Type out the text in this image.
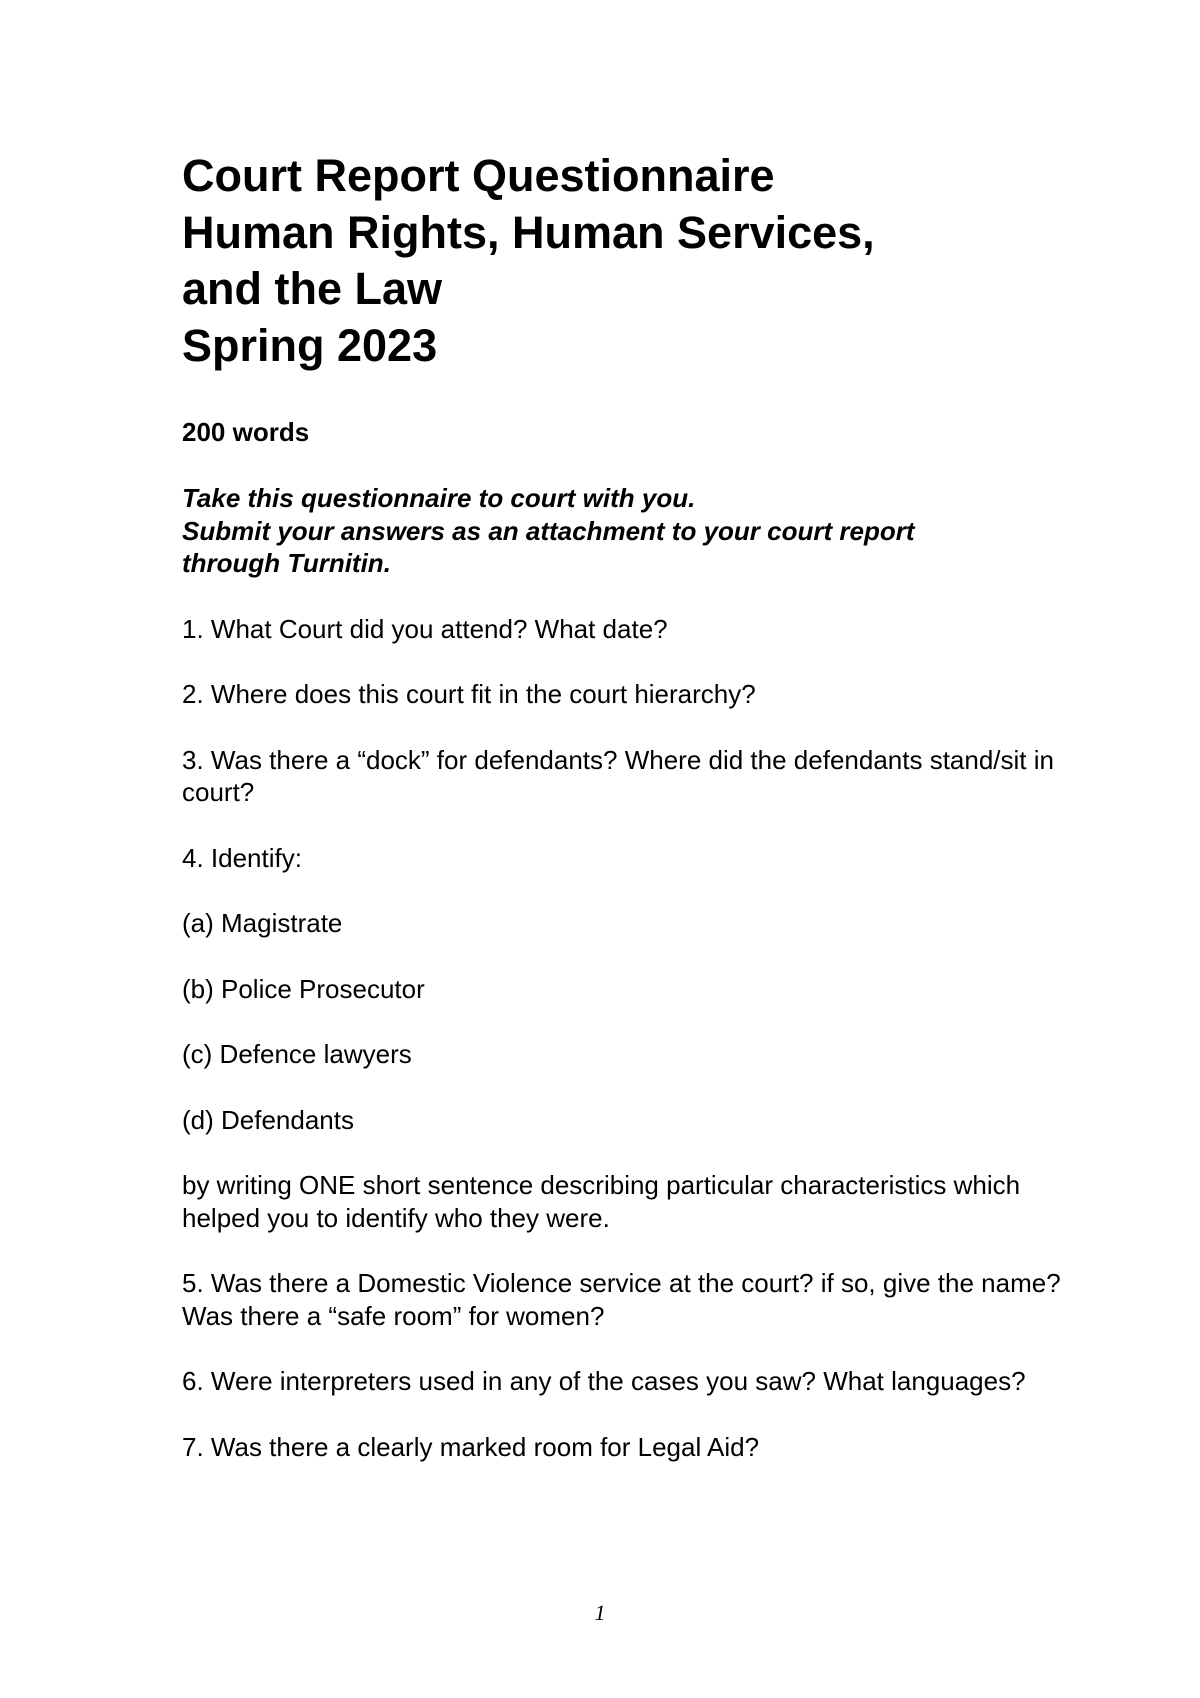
Court Report Questionnaire
Human Rights, Human Services,
and the Law
Spring 2023
200 words
Take this questionnaire to court with you.
Submit your answers as an attachment to your court report
through Turnitin.
1. What Court did you attend? What date?
2. Where does this court fit in the court hierarchy?
3. Was there a “dock” for defendants? Where did the defendants stand/sit in court?
4. Identify:
(a) Magistrate
(b) Police Prosecutor
(c) Defence lawyers
(d) Defendants
by writing ONE short sentence describing particular characteristics which helped you to identify who they were.
5. Was there a Domestic Violence service at the court? if so, give the name? Was there a “safe room” for women?
6. Were interpreters used in any of the cases you saw? What languages?
7. Was there a clearly marked room for Legal Aid?
1
